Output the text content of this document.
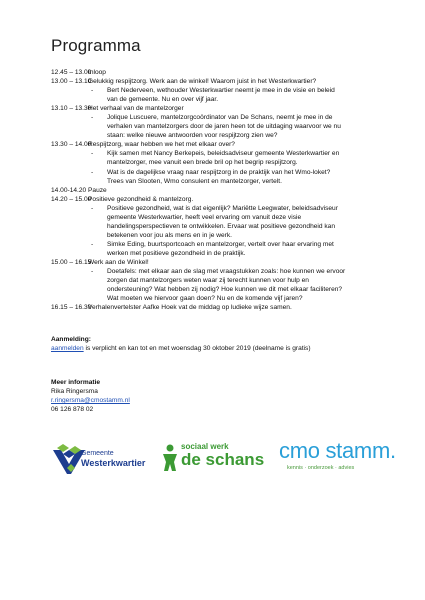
Programma
12.45 – 13.00
Inloop
13.00 – 13.10
Gelukkig respijtzorg. Werk aan de winkel! Waarom juist in het Westerkwartier?
- Bert Nederveen, wethouder Westerkwartier neemt je mee in de visie en beleid
van de gemeente. Nu en over vijf jaar.
13.10 – 13.30
Het verhaal van de mantelzorger
- Jolique Luscuere, mantelzorgcoördinator van De Schans, neemt je mee in de
verhalen van mantelzorgers door de jaren heen tot de uitdaging waarvoor we nu
staan: welke nieuwe antwoorden voor respijtzorg zien we?
13.30 – 14.00
Respijtzorg, waar hebben we het met elkaar over?
- Kijk samen met Nancy Berkepeis, beleidsadviseur gemeente Westerkwartier en
mantelzorger, mee vanuit een brede bril op het begrip respijtzorg.
- Wat is de dagelijkse vraag naar respijtzorg in de praktijk van het Wmo-loket?
Trees van Slooten, Wmo consulent en mantelzorger, vertelt.
14.00-14.20 Pauze
14.20 – 15.00
Positieve gezondheid & mantelzorg.
- Positieve gezondheid, wat is dat eigenlijk? Mariëtte Leegwater, beleidsadviseur
gemeente Westerkwartier, heeft veel ervaring om vanuit deze visie
handelingsperspectieven te ontwikkelen. Ervaar wat positieve gezondheid kan
betekenen voor jou als mens en in je werk.
- Simke Eding, buurtsportcoach en mantelzorger, vertelt over haar ervaring met
werken met positieve gezondheid in de praktijk.
15.00 – 16.15
Werk aan de Winkel!
- Doetafels: met elkaar aan de slag met vraagstukken zoals: hoe kunnen we ervoor
zorgen dat mantelzorgers weten waar zij terecht kunnen voor hulp en
ondersteuning? Wat hebben zij nodig? Hoe kunnen we dit met elkaar faciliteren?
Wat moeten we hiervoor gaan doen? Nu en de komende vijf jaren?
16.15 – 16.30
Verhalenvertelster Aafke Hoek vat de middag op ludieke wijze samen.
Aanmelding:
aanmelden is verplicht en kan tot en met woensdag 30 oktober 2019 (deelname is gratis)
Meer informatie
Rika Ringersma
r.ringersma@cmostamm.nl
06 126 878 02
Gemeente
Westerkwartier
sociaal werk
de schans cmo stamm.
kennis · onderzoek · advies
